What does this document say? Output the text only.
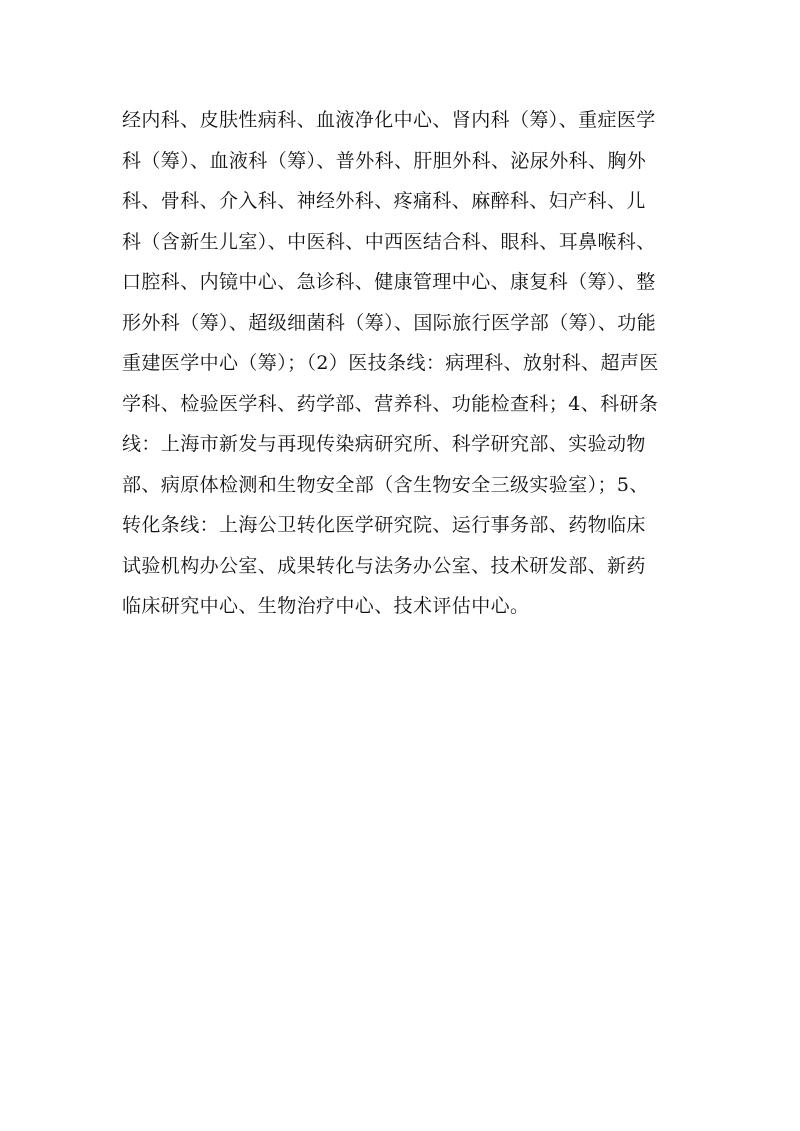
经内科、皮肤性病科、血液净化中心、肾内科（筹）、重症医学
科（筹）、血液科（筹）、普外科、肝胆外科、泌尿外科、胸外
科、骨科、介入科、神经外科、疼痛科、麻醉科、妇产科、儿
科（含新生儿室）、中医科、中西医结合科、眼科、耳鼻喉科、
口腔科、内镜中心、急诊科、健康管理中心、康复科（筹）、整
形外科（筹）、超级细菌科（筹）、国际旅行医学部（筹）、功能
重建医学中心（筹）；（2）医技条线：病理科、放射科、超声医
学科、检验医学科、药学部、营养科、功能检查科；4、科研条
线：上海市新发与再现传染病研究所、科学研究部、实验动物
部、病原体检测和生物安全部（含生物安全三级实验室）；5、
转化条线：上海公卫转化医学研究院、运行事务部、药物临床
试验机构办公室、成果转化与法务办公室、技术研发部、新药
临床研究中心、生物治疗中心、技术评估中心。
